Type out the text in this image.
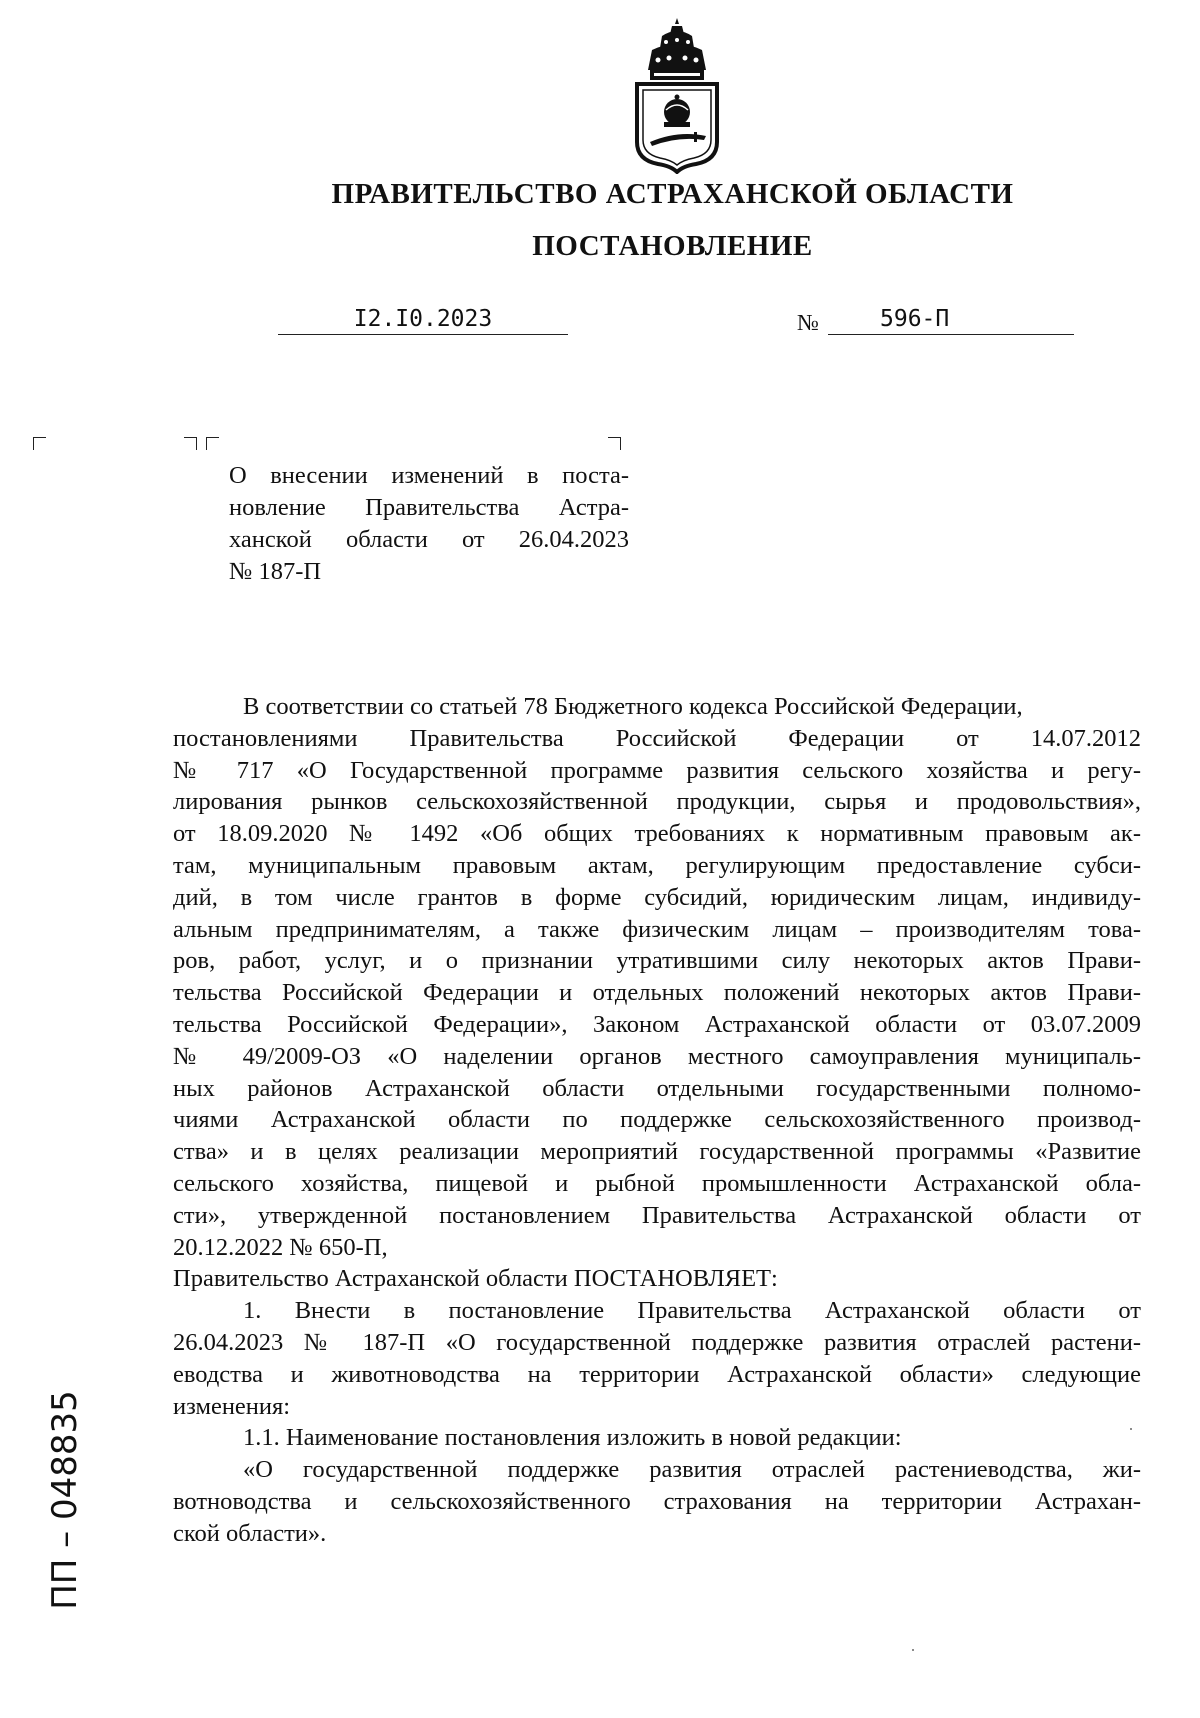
ПРАВИТЕЛЬСТВО АСТРАХАНСКОЙ ОБЛАСТИ
ПОСТАНОВЛЕНИЕ
I2.I0.2023	№	596-П
О внесении изменений в поста-
новление Правительства Астра-
ханской области от 26.04.2023
№ 187-П
В соответствии со статьей 78 Бюджетного кодекса Российской Федерации,
постановлениями Правительства Российской Федерации от 14.07.2012
№ 717 «О Государственной программе развития сельского хозяйства и регу-
лирования рынков сельскохозяйственной продукции, сырья и продовольствия»,
от 18.09.2020 № 1492 «Об общих требованиях к нормативным правовым ак-
там, муниципальным правовым актам, регулирующим предоставление субси-
дий, в том числе грантов в форме субсидий, юридическим лицам, индивиду-
альным предпринимателям, а также физическим лицам – производителям това-
ров, работ, услуг, и о признании утратившими силу некоторых актов Прави-
тельства Российской Федерации и отдельных положений некоторых актов Прави-
тельства Российской Федерации», Законом Астраханской области от 03.07.2009
№ 49/2009-ОЗ «О наделении органов местного самоуправления муниципаль-
ных районов Астраханской области отдельными государственными полномо-
чиями Астраханской области по поддержке сельскохозяйственного производ-
ства» и в целях реализации мероприятий государственной программы «Развитие
сельского хозяйства, пищевой и рыбной промышленности Астраханской обла-
сти», утвержденной постановлением Правительства Астраханской области от
20.12.2022 № 650-П,
Правительство Астраханской области ПОСТАНОВЛЯЕТ:
1. Внести в постановление Правительства Астраханской области от
26.04.2023 № 187-П «О государственной поддержке развития отраслей растени-
еводства и животноводства на территории Астраханской области» следующие
изменения:
1.1. Наименование постановления изложить в новой редакции:
«О государственной поддержке развития отраслей растениеводства, жи-
вотноводства и сельскохозяйственного страхования на территории Астрахан-
ской области».
ПП – 048835
